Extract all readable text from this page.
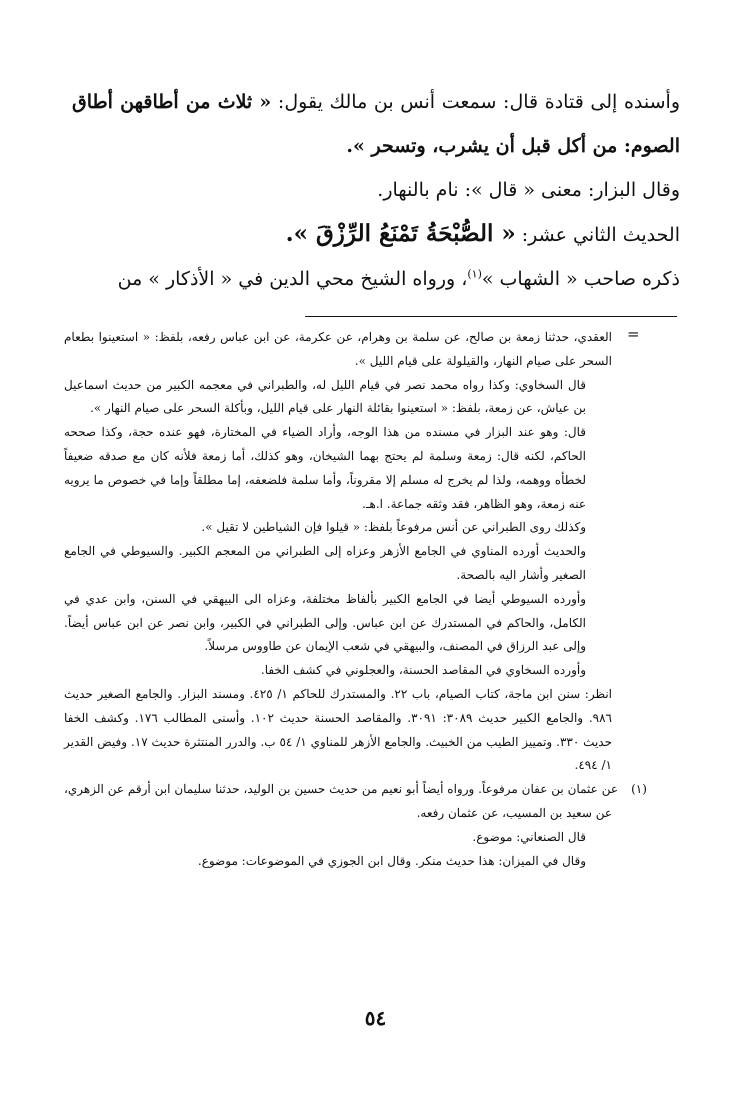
وأسنده إلى قتادة قال: سمعت أنس بن مالك يقول: « ثلاث من أطاقهن أطاق الصوم: من أكل قبل أن يشرب، وتسحر ».

وقال البزار: معنى « قال »: نام بالنهار.

الحديث الثاني عشر: « الصُّبْحَةُ تَمْنَعُ الرِّزْقَ ».

ذكره صاحب « الشهاب »$^{(١)}$، ورواه الشيخ محي الدين في « الأذكار » من

=

العقدي، حدثنا زمعة بن صالح، عن سلمة بن وهرام، عن عكرمة، عن ابن عباس رفعه، بلفظ: « استعينوا بطعام السحر على صيام النهار، والقيلولة على قيام الليل ».

قال السخاوي: وكذا رواه محمد نصر في قيام الليل له، والطبراني في معجمه الكبير من حديث اسماعيل بن عياش، عن زمعة، بلفظ: « استعينوا بقائلة النهار على قيام الليل، وبأكلة السحر على صيام النهار ».

قال: وهو عند البزار في مسنده من هذا الوجه، وأراد الضياء في المختارة، فهو عنده حجة، وكذا صححه الحاكم، لكنه قال: زمعة وسلمة لم يحتج بهما الشيخان، وهو كذلك، أما زمعة فلأنه كان مع صدقه ضعيفاً لخطأه ووهمه، ولذا لم يخرج له مسلم إلا مقروناً، وأما سلمة فلضعفه، إما مطلقاً وإما في خصوص ما يرويه عنه زمعة، وهو الظاهر، فقد وثقه جماعة. ا.هـ.

وكذلك روى الطبراني عن أنس مرفوعاً بلفظ: « قيلوا فإن الشياطين لا تقيل ».

والحديث أورده المناوي في الجامع الأزهر وعزاه إلى الطبراني من المعجم الكبير. والسيوطي في الجامع الصغير وأشار اليه بالصحة.

وأورده السيوطي أيضا في الجامع الكبير بألفاظ مختلفة، وعزاه الى البيهقي في السنن، وابن عدي في الكامل، والحاكم في المستدرك عن ابن عباس. وإلى الطبراني في الكبير، وابن نصر عن ابن عباس أيضاً. وإلى عبد الرزاق في المصنف، والبيهقي في شعب الإيمان عن طاووس مرسلاً.

وأورده السخاوي في المقاصد الحسنة، والعجلوني في كشف الخفا.

انظر: سنن ابن ماجة، كتاب الصيام، باب ٢٢. والمستدرك للحاكم ١/ ٤٢٥. ومسند البزار. والجامع الصغير حديث ٩٨٦. والجامع الكبير حديث ٣٠٨٩: ٣٠٩١. والمقاصد الحسنة حديث ١٠٢. وأسنى المطالب ١٧٦. وكشف الخفا حديث ٣٣٠. وتمييز الطيب من الخبيث. والجامع الأزهر للمناوي ١/ ٥٤ ب. والدرر المنتثرة حديث ١٧. وفيض القدير ١/ ٤٩٤.

(١)عن عثمان بن عفان مرفوعاً. ورواه أيضاً أبو نعيم من حديث حسين بن الوليد، حدثنا سليمان ابن أرقم عن الزهري، عن سعيد بن المسيب، عن عثمان رفعه.

قال الصنعاني: موضوع.

وقال في الميزان: هذا حديث منكر. وقال ابن الجوزي في الموضوعات: موضوع.

٥٤
